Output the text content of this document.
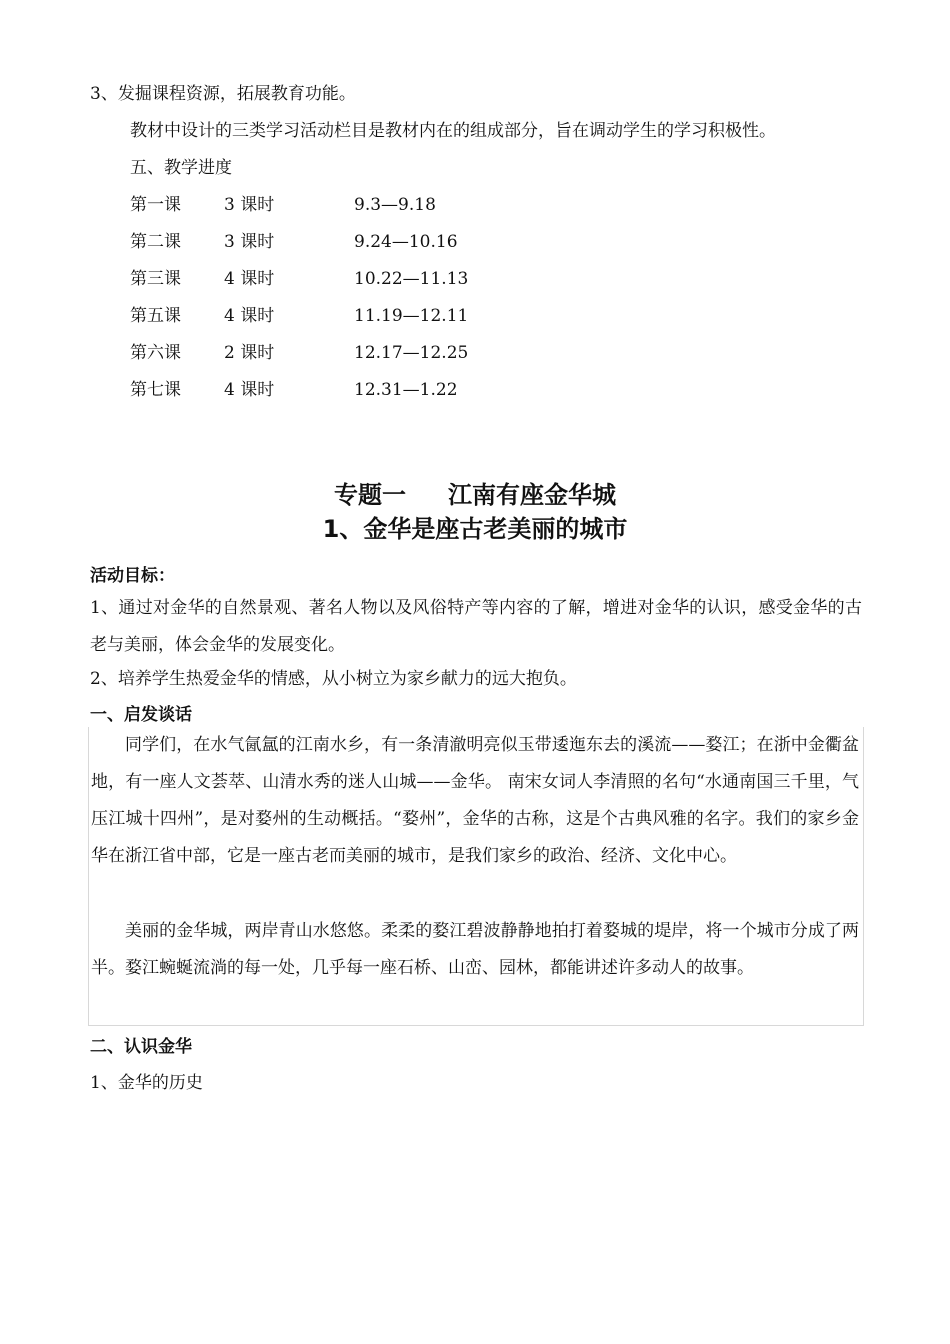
3、发掘课程资源，拓展教育功能。
教材中设计的三类学习活动栏目是教材内在的组成部分，旨在调动学生的学习积极性。
五、教学进度
第一课	3 课时	9.3—9.18
第二课	3 课时	9.24—10.16
第三课	4 课时	10.22—11.13
第五课	4 课时	11.19—12.11
第六课	2 课时	12.17—12.25
第七课	4 课时	12.31—1.22
专题一 江南有座金华城
1、金华是座古老美丽的城市
活动目标：
1、通过对金华的自然景观、著名人物以及风俗特产等内容的了解，增进对金华的认识，感受金华的古老与美丽，体会金华的发展变化。
2、培养学生热爱金华的情感，从小树立为家乡献力的远大抱负。
一、启发谈话
同学们，在水气氤氲的江南水乡，有一条清澈明亮似玉带逶迤东去的溪流——婺江；在浙中金衢盆地，有一座人文荟萃、山清水秀的迷人山城——金华。 南宋女词人李清照的名句“水通南国三千里，气压江城十四州”，是对婺州的生动概括。“婺州”，金华的古称，这是个古典风雅的名字。我们的家乡金华在浙江省中部，它是一座古老而美丽的城市，是我们家乡的政治、经济、文化中心。
美丽的金华城，两岸青山水悠悠。柔柔的婺江碧波静静地拍打着婺城的堤岸，将一个城市分成了两半。婺江蜿蜒流淌的每一处，几乎每一座石桥、山峦、园林，都能讲述许多动人的故事。
二、认识金华
1、金华的历史
